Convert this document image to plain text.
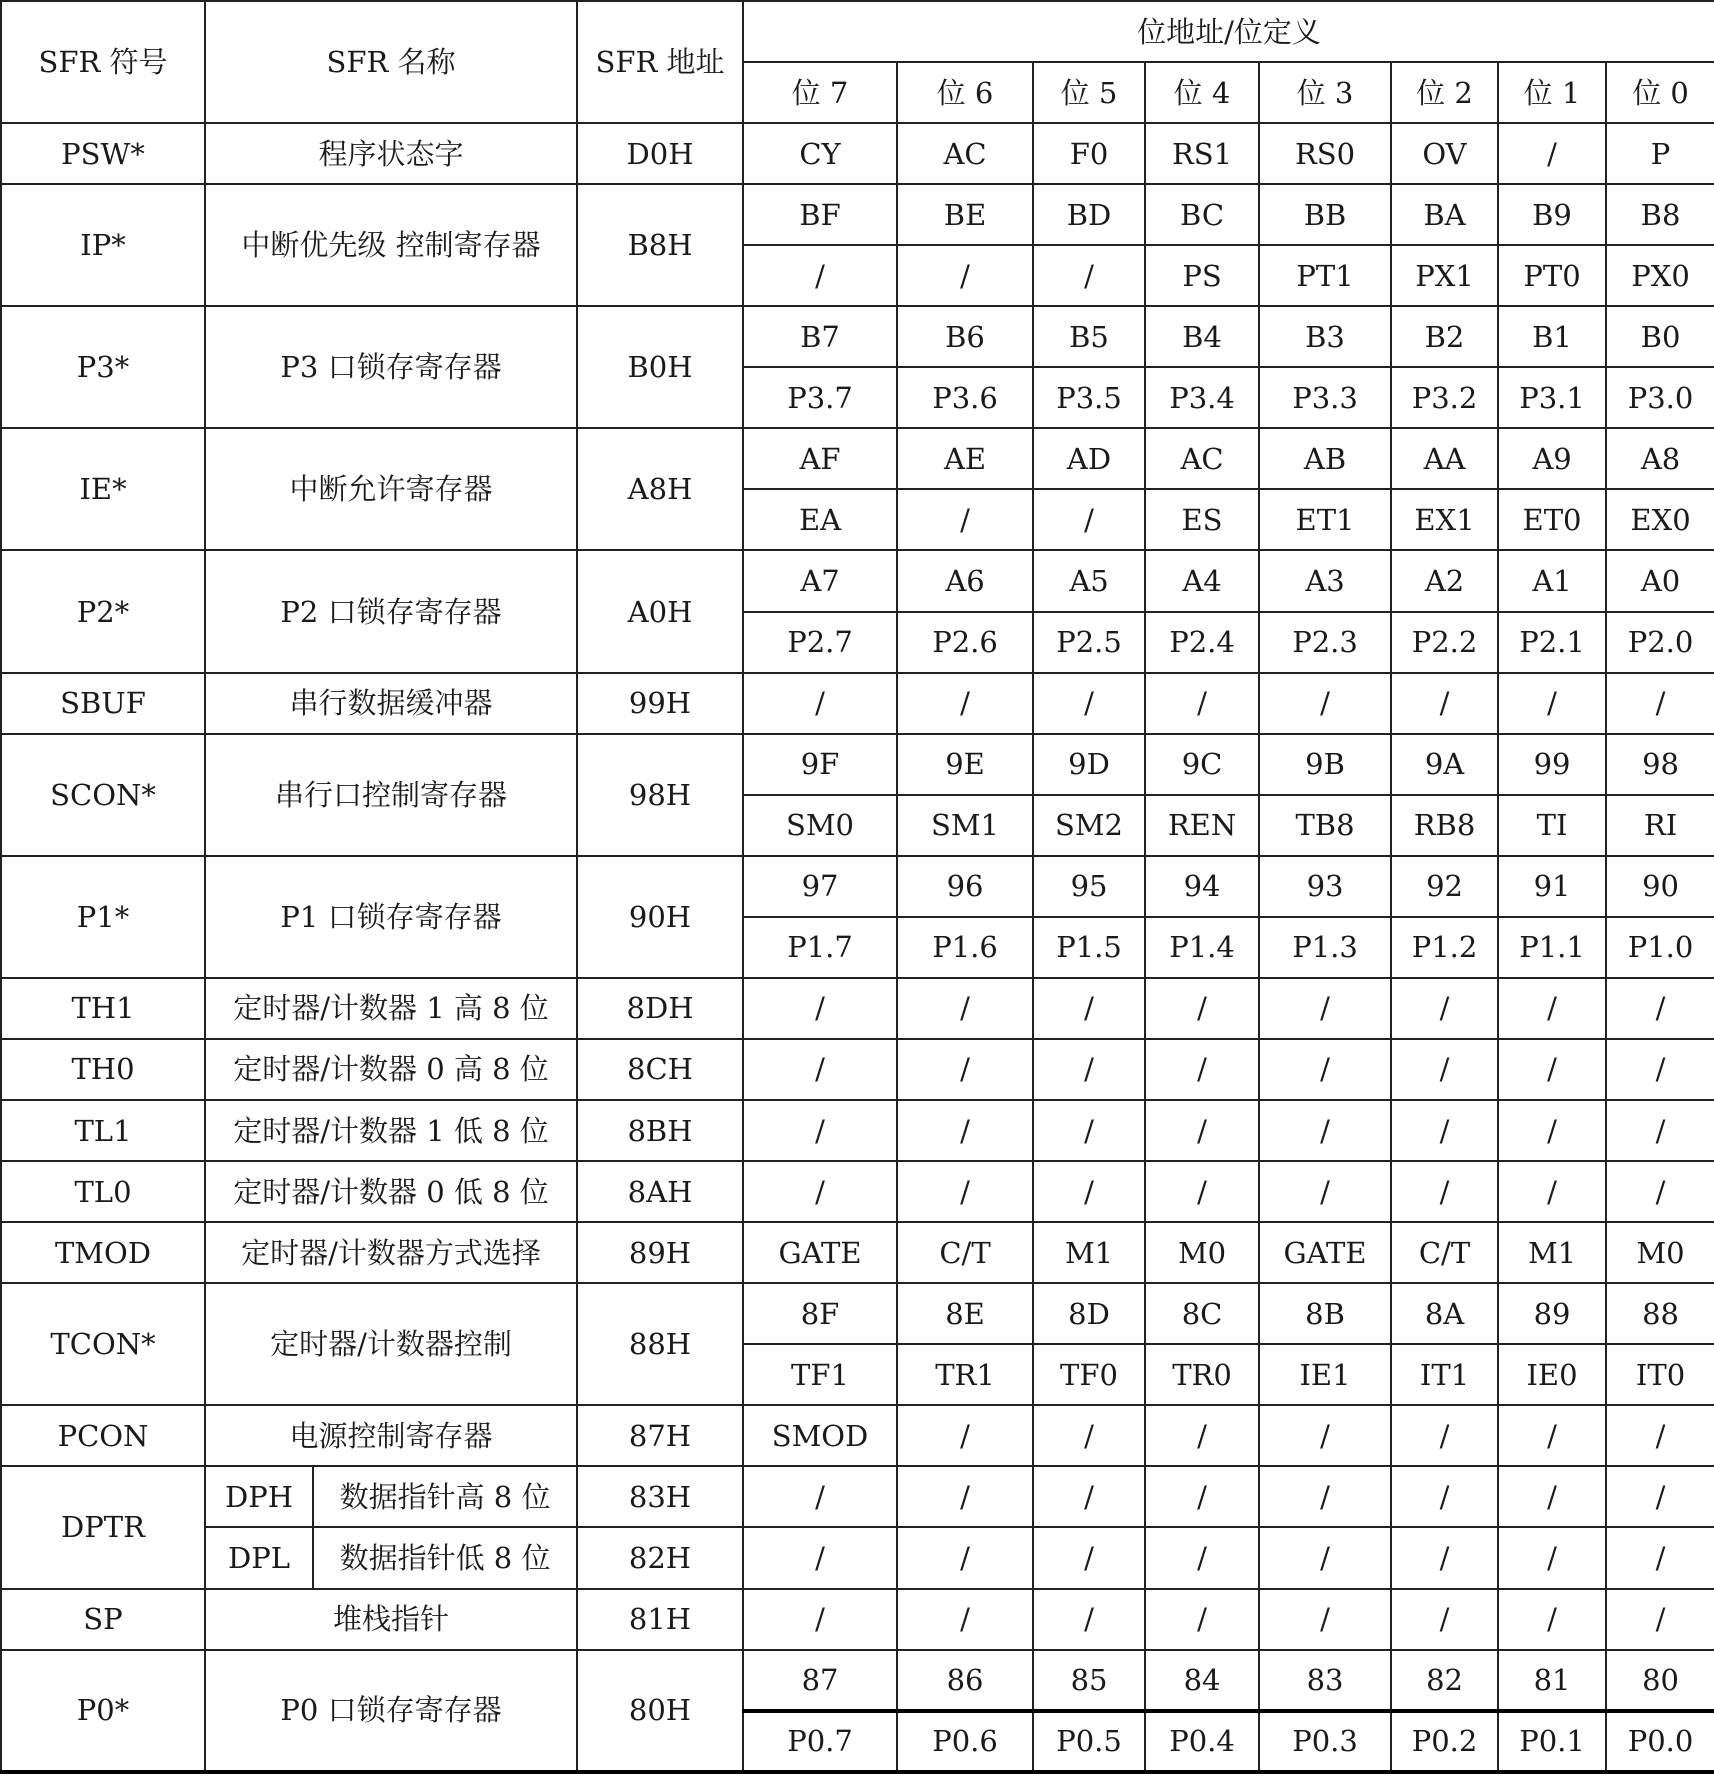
SFR 符号	SFR 名称		SFR 地址	位地址/位定义							
				位 7	位 6	位 5	位 4	位 3	位 2	位 1	位 0
PSW*	程序状态字		D0H	CY	AC	F0	RS1	RS0	OV	/	P
IP*	中断优先级 控制寄存器		B8H	BF	BE	BD	BC	BB	BA	B9	B8
				/	/	/	PS	PT1	PX1	PT0	PX0
P3*	P3 口锁存寄存器		B0H	B7	B6	B5	B4	B3	B2	B1	B0
				P3.7	P3.6	P3.5	P3.4	P3.3	P3.2	P3.1	P3.0
IE*	中断允许寄存器		A8H	AF	AE	AD	AC	AB	AA	A9	A8
				EA	/	/	ES	ET1	EX1	ET0	EX0
P2*	P2 口锁存寄存器		A0H	A7	A6	A5	A4	A3	A2	A1	A0
				P2.7	P2.6	P2.5	P2.4	P2.3	P2.2	P2.1	P2.0
SBUF	串行数据缓冲器		99H	/	/	/	/	/	/	/	/
SCON*	串行口控制寄存器		98H	9F	9E	9D	9C	9B	9A	99	98
				SM0	SM1	SM2	REN	TB8	RB8	TI	RI
P1*	P1 口锁存寄存器		90H	97	96	95	94	93	92	91	90
				P1.7	P1.6	P1.5	P1.4	P1.3	P1.2	P1.1	P1.0
TH1	定时器/计数器 1 高 8 位		8DH	/	/	/	/	/	/	/	/
TH0	定时器/计数器 0 高 8 位		8CH	/	/	/	/	/	/	/	/
TL1	定时器/计数器 1 低 8 位		8BH	/	/	/	/	/	/	/	/
TL0	定时器/计数器 0 低 8 位		8AH	/	/	/	/	/	/	/	/
TMOD	定时器/计数器方式选择		89H	GATE	C/T	M1	M0	GATE	C/T	M1	M0
TCON*	定时器/计数器控制		88H	8F	8E	8D	8C	8B	8A	89	88
				TF1	TR1	TF0	TR0	IE1	IT1	IE0	IT0
PCON	电源控制寄存器		87H	SMOD	/	/	/	/	/	/	/
DPTR	DPH	数据指针高 8 位	83H	/	/	/	/	/	/	/	/
	DPL	数据指针低 8 位	82H	/	/	/	/	/	/	/	/
SP	堆栈指针		81H	/	/	/	/	/	/	/	/
P0*	P0 口锁存寄存器		80H	87	86	85	84	83	82	81	80
				P0.7	P0.6	P0.5	P0.4	P0.3	P0.2	P0.1	P0.0
